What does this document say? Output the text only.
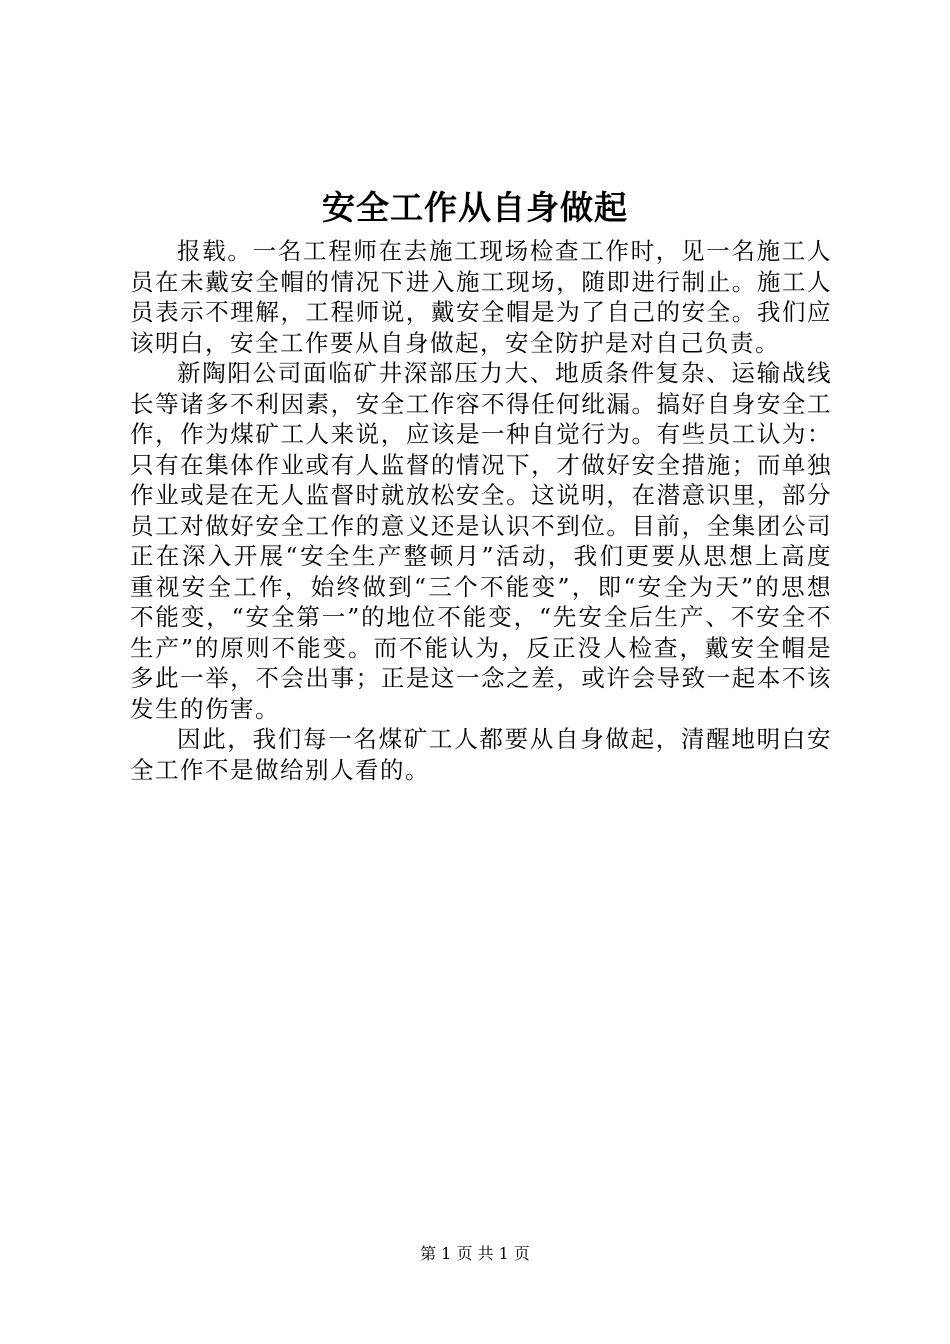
安全工作从自身做起

报载。一名工程师在去施工现场检查工作时，见一名施工人员在未戴安全帽的情况下进入施工现场，随即进行制止。施工人员表示不理解，工程师说，戴安全帽是为了自己的安全。我们应该明白，安全工作要从自身做起，安全防护是对自己负责。

新陶阳公司面临矿井深部压力大、地质条件复杂、运输战线长等诸多不利因素，安全工作容不得任何纰漏。搞好自身安全工作，作为煤矿工人来说，应该是一种自觉行为。有些员工认为：只有在集体作业或有人监督的情况下，才做好安全措施；而单独作业或是在无人监督时就放松安全。这说明，在潜意识里，部分员工对做好安全工作的意义还是认识不到位。目前，全集团公司正在深入开展“安全生产整顿月”活动，我们更要从思想上高度重视安全工作，始终做到“三个不能变”，即“安全为天”的思想不能变，“安全第一”的地位不能变，“先安全后生产、不安全不生产”的原则不能变。而不能认为，反正没人检查，戴安全帽是多此一举，不会出事；正是这一念之差，或许会导致一起本不该发生的伤害。

因此，我们每一名煤矿工人都要从自身做起，清醒地明白安全工作不是做给别人看的。

第 1 页 共 1 页
